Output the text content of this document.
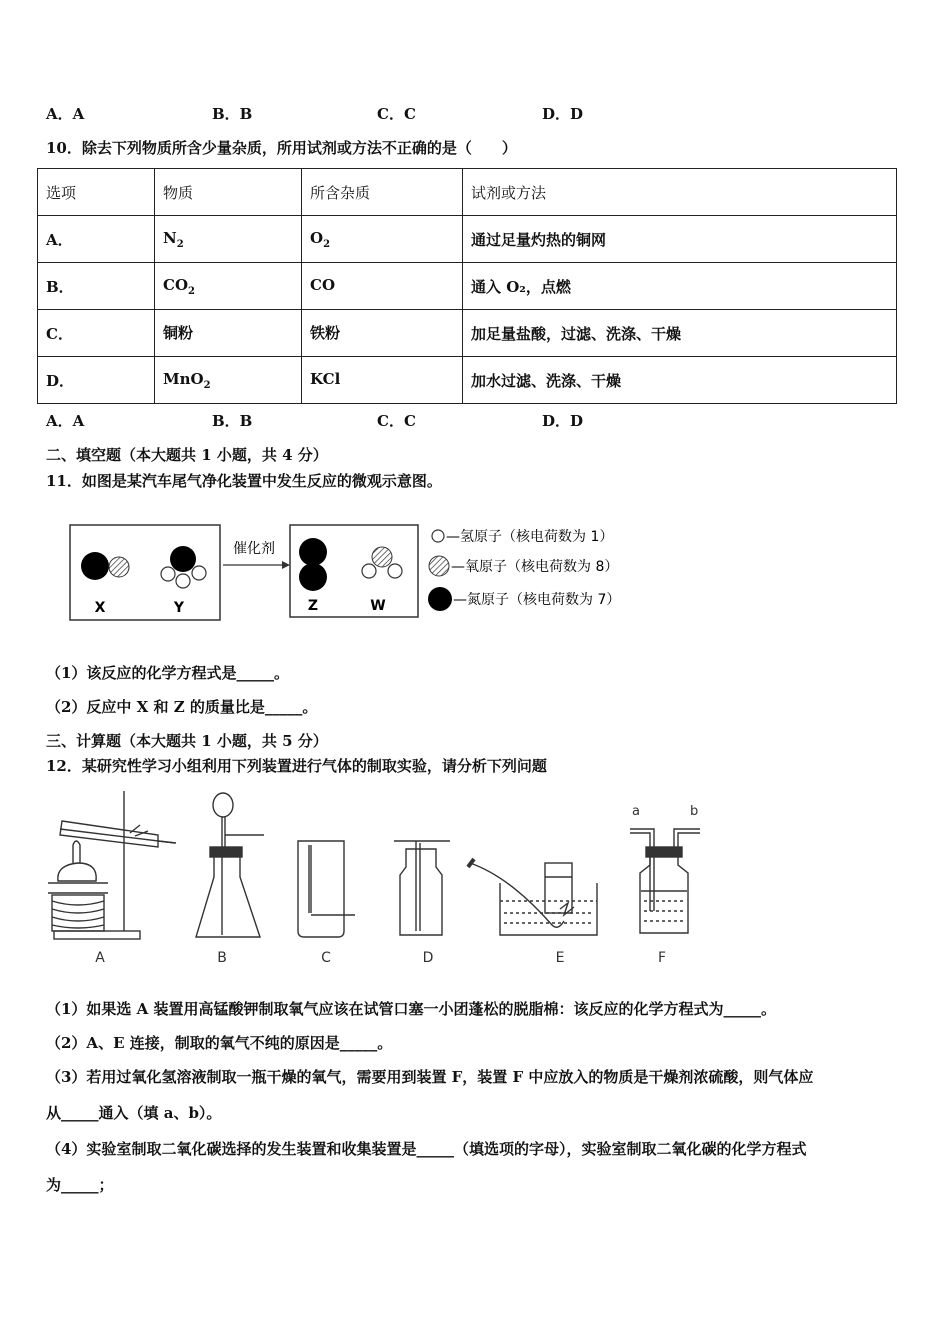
A．A	B．B	C．C	D．D
10．除去下列物质所含少量杂质，所用试剂或方法不正确的是（　　）
选项	物质	所含杂质	试剂或方法
A．	$N_2$	$O_2$	通过足量灼热的铜网
B．	$CO_2$	CO	通入 O₂，点燃
C．	铜粉	铁粉	加足量盐酸，过滤、洗涤、干燥
D．	MnO$_2$	KCl	加水过滤、洗涤、干燥
A．A	B．B	C．C	D．D
二、填空题（本大题共 1 小题，共 4 分）
11．如图是某汽车尾气净化装置中发生反应的微观示意图。
X	Y
催化剂
Z	W
—氢原子（核电荷数为 1）
—氧原子（核电荷数为 8）
—氮原子（核电荷数为 7）
（1）该反应的化学方程式是_____。
（2）反应中 X 和 Z 的质量比是_____。
三、计算题（本大题共 1 小题，共 5 分）
12．某研究性学习小组利用下列装置进行气体的制取实验，请分析下列问题
A	B	C	D	E
a	b
F
（1）如果选 A 装置用高锰酸钾制取氧气应该在试管口塞一小团蓬松的脱脂棉：该反应的化学方程式为_____。
（2）A、E 连接，制取的氧气不纯的原因是_____。
（3）若用过氧化氢溶液制取一瓶干燥的氧气，需要用到装置 F，装置 F 中应放入的物质是干燥剂浓硫酸，则气体应
从_____通入（填 a、b）。
（4）实验室制取二氧化碳选择的发生装置和收集装置是_____（填选项的字母），实验室制取二氧化碳的化学方程式
为_____；
